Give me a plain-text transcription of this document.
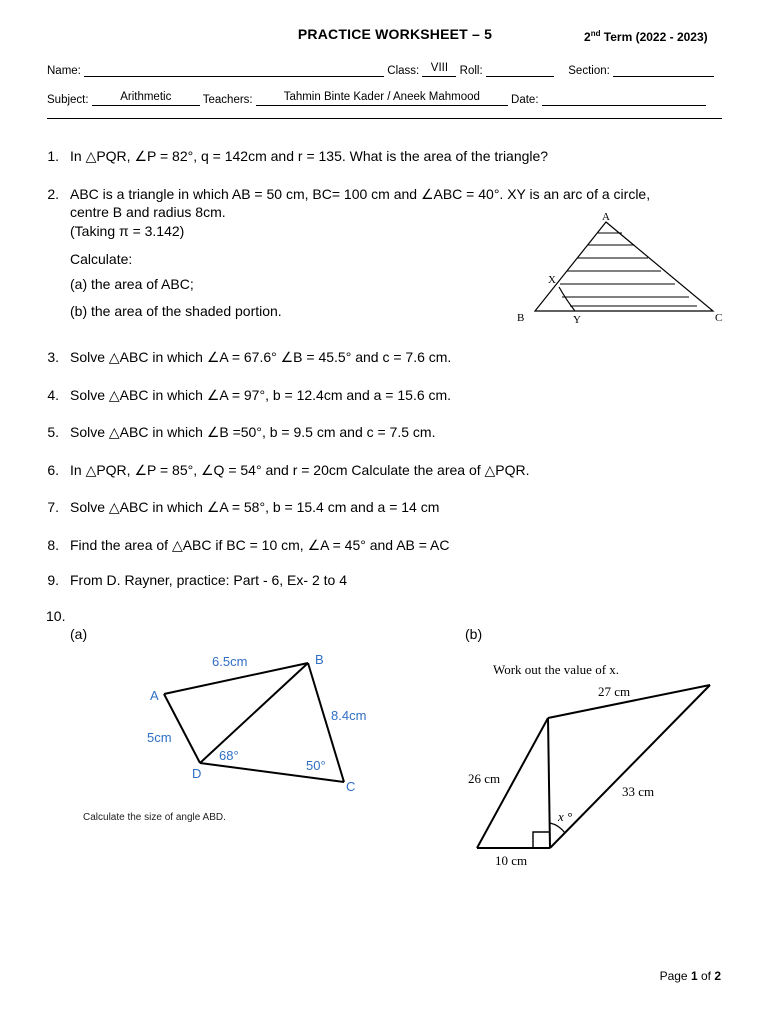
PRACTICE WORKSHEET – 5	2nd Term (2022 - 2023)
Name:	Class: VIII Roll:	Section:
Subject:	Arithmetic	Teachers:	Tahmin Binte Kader / Aneek Mahmood	Date:
1. In △PQR, ∠P = 82°, q = 142cm and r = 135. What is the area of the triangle?
2. ABC is a triangle in which AB = 50 cm, BC= 100 cm and ∠ABC = 40°. XY is an arc of a circle,
centre B and radius 8cm.
(Taking π = 3.142)
Calculate:
(a) the area of ABC;
(b) the area of the shaded portion.
A
B	C
X
Y
3. Solve △ABC in which ∠A = 67.6° ∠B = 45.5° and c = 7.6 cm.
4. Solve △ABC in which ∠A = 97°, b = 12.4cm and a = 15.6 cm.
5. Solve △ABC in which ∠B =50°, b = 9.5 cm and c = 7.5 cm.
6. In △PQR, ∠P = 85°, ∠Q = 54° and r = 20cm Calculate the area of △PQR.
7. Solve △ABC in which ∠A = 58°, b = 15.4 cm and a = 14 cm
8. Find the area of △ABC if BC = 10 cm, ∠A = 45° and AB = AC
9. From D. Rayner, practice: Part - 6, Ex- 2 to 4
10.
(a)	(b)
A
B
C
D
6.5cm
5cm
8.4cm
68°
50°
Calculate the size of angle ABD.
Work out the value of x.
27 cm
26 cm
33 cm
10 cm
x °
Page 1 of 2
